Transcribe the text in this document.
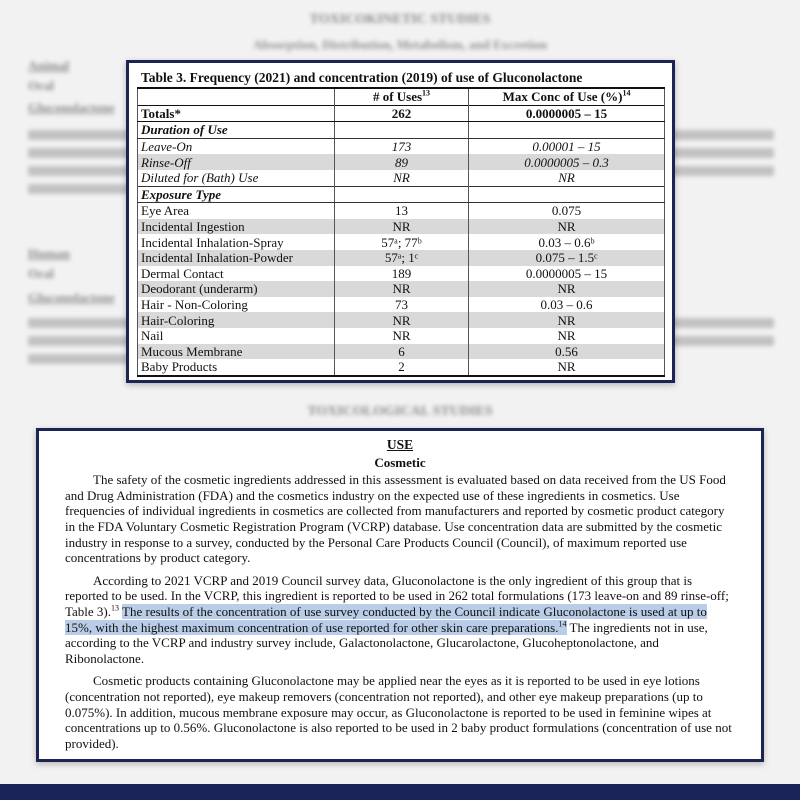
TOXICOKINETIC STUDIES
Absorption, Distribution, Metabolism, and Excretion
Animal
Oral
Gluconolactone
Human
Oral
Gluconolactone
TOXICOLOGICAL STUDIES
Table 3. Frequency (2021) and concentration (2019) of use of Gluconolactone
	# of Uses$^{13}$	Max Conc of Use (%)$^{14}$
Totals*	262	0.0000005 – 15
Duration of Use		
Leave-On	173	0.00001 – 15
Rinse-Off	89	0.0000005 – 0.3
Diluted for (Bath) Use	NR	NR
Exposure Type		
Eye Area	13	0.075
Incidental Ingestion	NR	NR
Incidental Inhalation-Spray	57ᵃ; 77ᵇ	0.03 – 0.6ᵇ
Incidental Inhalation-Powder	57ᵃ; 1ᶜ	0.075 – 1.5ᶜ
Dermal Contact	189	0.0000005 – 15
Deodorant (underarm)	NR	NR
Hair - Non-Coloring	73	0.03 – 0.6
Hair-Coloring	NR	NR
Nail	NR	NR
Mucous Membrane	6	0.56
Baby Products	2	NR
USE
Cosmetic

The safety of the cosmetic ingredients addressed in this assessment is evaluated based on data received from the US Food and Drug Administration (FDA) and the cosmetics industry on the expected use of these ingredients in cosmetics. Use frequencies of individual ingredients in cosmetics are collected from manufacturers and reported by cosmetic product category in the FDA Voluntary Cosmetic Registration Program (VCRP) database. Use concentration data are submitted by the cosmetic industry in response to a survey, conducted by the Personal Care Products Council (Council), of maximum reported use concentrations by product category.

According to 2021 VCRP and 2019 Council survey data, Gluconolactone is the only ingredient of this group that is reported to be used. In the VCRP, this ingredient is reported to be used in 262 total formulations (173 leave-on and 89 rinse-off; Table 3).$^{13}$ The results of the concentration of use survey conducted by the Council indicate Gluconolactone is used at up to 15%, with the highest maximum concentration of use reported for other skin care preparations.$^{14}$ The ingredients not in use, according to the VCRP and industry survey include, Galactonolactone, Glucarolactone, Glucoheptonolactone, and Ribonolactone.

Cosmetic products containing Gluconolactone may be applied near the eyes as it is reported to be used in eye lotions (concentration not reported), eye makeup removers (concentration not reported), and other eye makeup preparations (up to 0.075%). In addition, mucous membrane exposure may occur, as Gluconolactone is reported to be used in feminine wipes at concentrations up to 0.56%. Gluconolactone is also reported to be used in 2 baby product formulations (concentration of use not provided).
